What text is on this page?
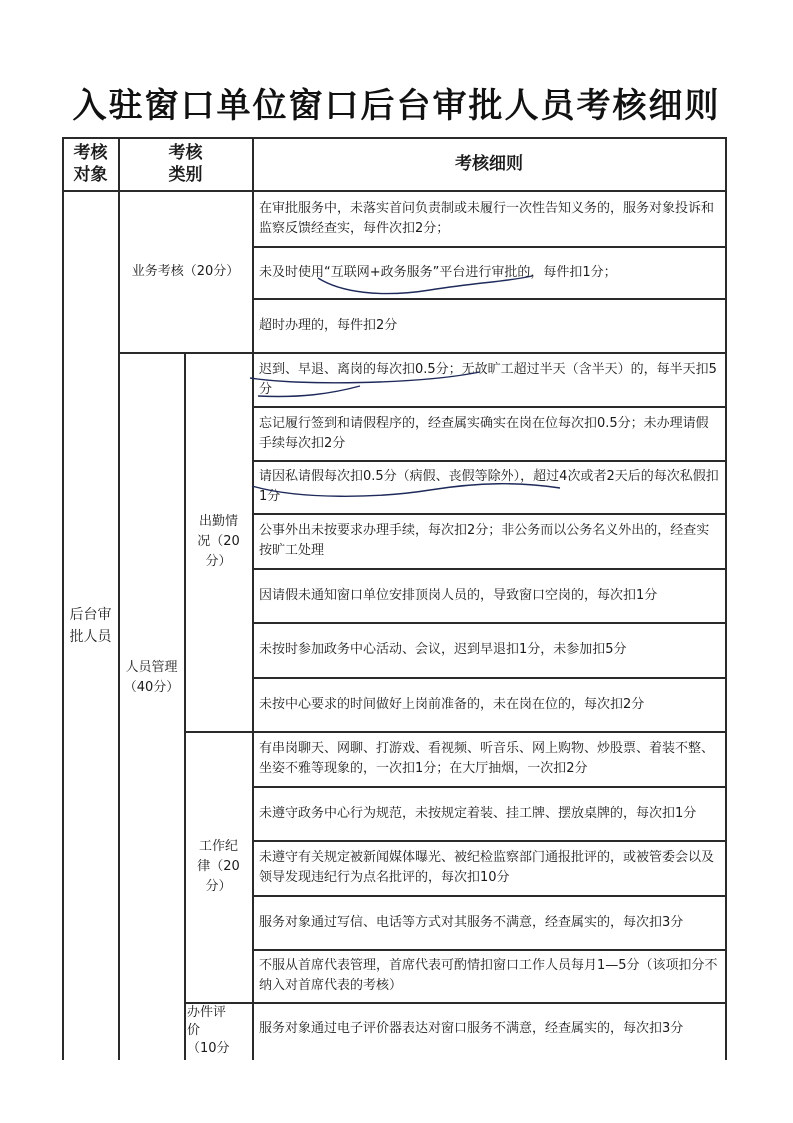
入驻窗口单位窗口后台审批人员考核细则
考核
对象
考核
类别
考核细则
后台审
批人员
业务考核（20分）
人员管理
（40分）
出勤情
况（20
分）
工作纪
律（20
分）
办件评
价
（10分
在审批服务中，未落实首问负责制或未履行一次性告知义务的，服务对象投诉和监察反馈经查实，每件次扣2分；
未及时使用“互联网+政务服务”平台进行审批的，每件扣1分；
超时办理的，每件扣2分
迟到、早退、离岗的每次扣0.5分；无故旷工超过半天（含半天）的，每半天扣5分
忘记履行签到和请假程序的，经查属实确实在岗在位每次扣0.5分；未办理请假手续每次扣2分
请因私请假每次扣0.5分（病假、丧假等除外），超过4次或者2天后的每次私假扣1分
公事外出未按要求办理手续，每次扣2分；非公务而以公务名义外出的，经查实按旷工处理
因请假未通知窗口单位安排顶岗人员的，导致窗口空岗的，每次扣1分
未按时参加政务中心活动、会议，迟到早退扣1分，未参加扣5分
未按中心要求的时间做好上岗前准备的，未在岗在位的，每次扣2分
有串岗聊天、网聊、打游戏、看视频、听音乐、网上购物、炒股票、着装不整、坐姿不雅等现象的，一次扣1分；在大厅抽烟，一次扣2分
未遵守政务中心行为规范，未按规定着装、挂工牌、摆放桌牌的，每次扣1分
未遵守有关规定被新闻媒体曝光、被纪检监察部门通报批评的，或被管委会以及领导发现违纪行为点名批评的，每次扣10分
服务对象通过写信、电话等方式对其服务不满意，经查属实的，每次扣3分
不服从首席代表管理，首席代表可酌情扣窗口工作人员每月1—5分（该项扣分不纳入对首席代表的考核）
服务对象通过电子评价器表达对窗口服务不满意，经查属实的，每次扣3分
